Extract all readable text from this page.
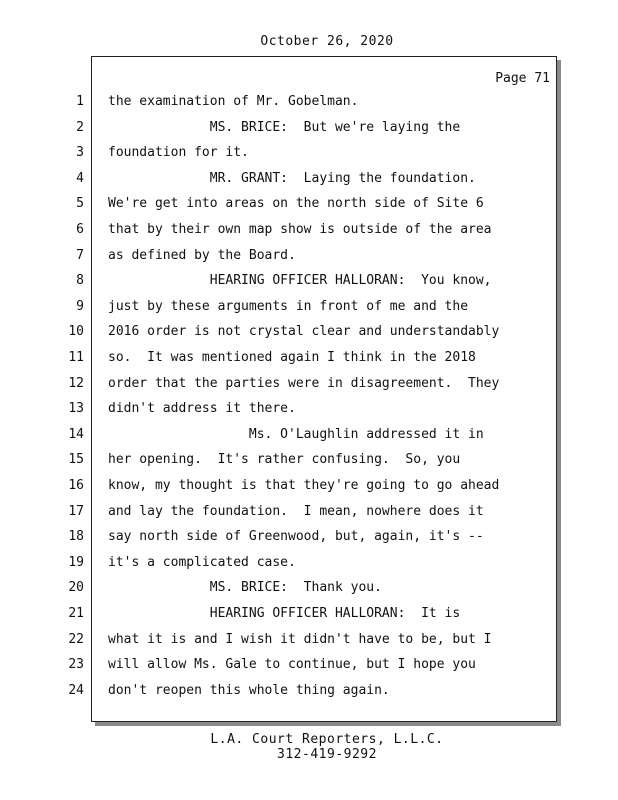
October 26, 2020
Page 71
1 the examination of Mr. Gobelman.
2 MS. BRICE:  But we're laying the
3 foundation for it.
4 MR. GRANT:  Laying the foundation.
5 We're get into areas on the north side of Site 6
6 that by their own map show is outside of the area
7 as defined by the Board.
8 HEARING OFFICER HALLORAN:  You know,
9 just by these arguments in front of me and the
10 2016 order is not crystal clear and understandably
11 so.  It was mentioned again I think in the 2018
12 order that the parties were in disagreement.  They
13 didn't address it there.
14 Ms. O'Laughlin addressed it in
15 her opening.  It's rather confusing.  So, you
16 know, my thought is that they're going to go ahead
17 and lay the foundation.  I mean, nowhere does it
18 say north side of Greenwood, but, again, it's --
19 it's a complicated case.
20 MS. BRICE:  Thank you.
21 HEARING OFFICER HALLORAN:  It is
22 what it is and I wish it didn't have to be, but I
23 will allow Ms. Gale to continue, but I hope you
24 don't reopen this whole thing again.
L.A. Court Reporters, L.L.C.
312-419-9292
